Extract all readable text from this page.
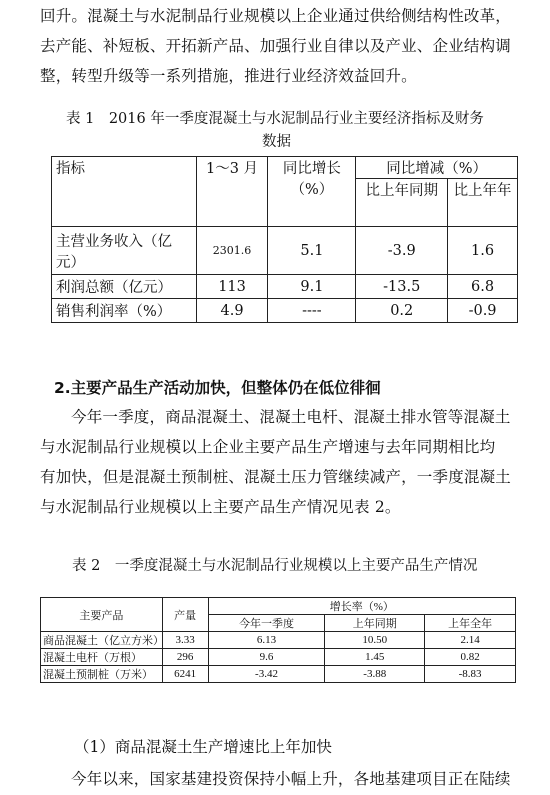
回升。混凝土与水泥制品行业规模以上企业通过供给侧结构性改革，
去产能、补短板、开拓新产品、加强行业自律以及产业、企业结构调
整，转型升级等一系列措施，推进行业经济效益回升。
表 1　2016 年一季度混凝土与水泥制品行业主要经济指标及财务
数据
指标	1～3 月	同比增长（%）	同比增减（%）	
			比上年同期	比上年年
主营业务收入（亿元）	2301.6	5.1	-3.9	1.6
利润总额（亿元）	113	9.1	-13.5	6.8
销售利润率（%）	4.9	----	0.2	-0.9
2.主要产品生产活动加快，但整体仍在低位徘徊
今年一季度，商品混凝土、混凝土电杆、混凝土排水管等混凝土
与水泥制品行业规模以上企业主要产品生产增速与去年同期相比均
有加快，但是混凝土预制桩、混凝土压力管继续减产，一季度混凝土
与水泥制品行业规模以上主要产品生产情况见表 2。
表 2　一季度混凝土与水泥制品行业规模以上主要产品生产情况
主要产品	产量	增长率（%）		
		今年一季度	上年同期	上年全年
商品混凝土（亿立方米）	3.33	6.13	10.50	2.14
混凝土电杆（万根）	296	9.6	1.45	0.82
混凝土预制桩（万米）	6241	-3.42	-3.88	-8.83
（1）商品混凝土生产增速比上年加快
今年以来，国家基建投资保持小幅上升，各地基建项目正在陆续
